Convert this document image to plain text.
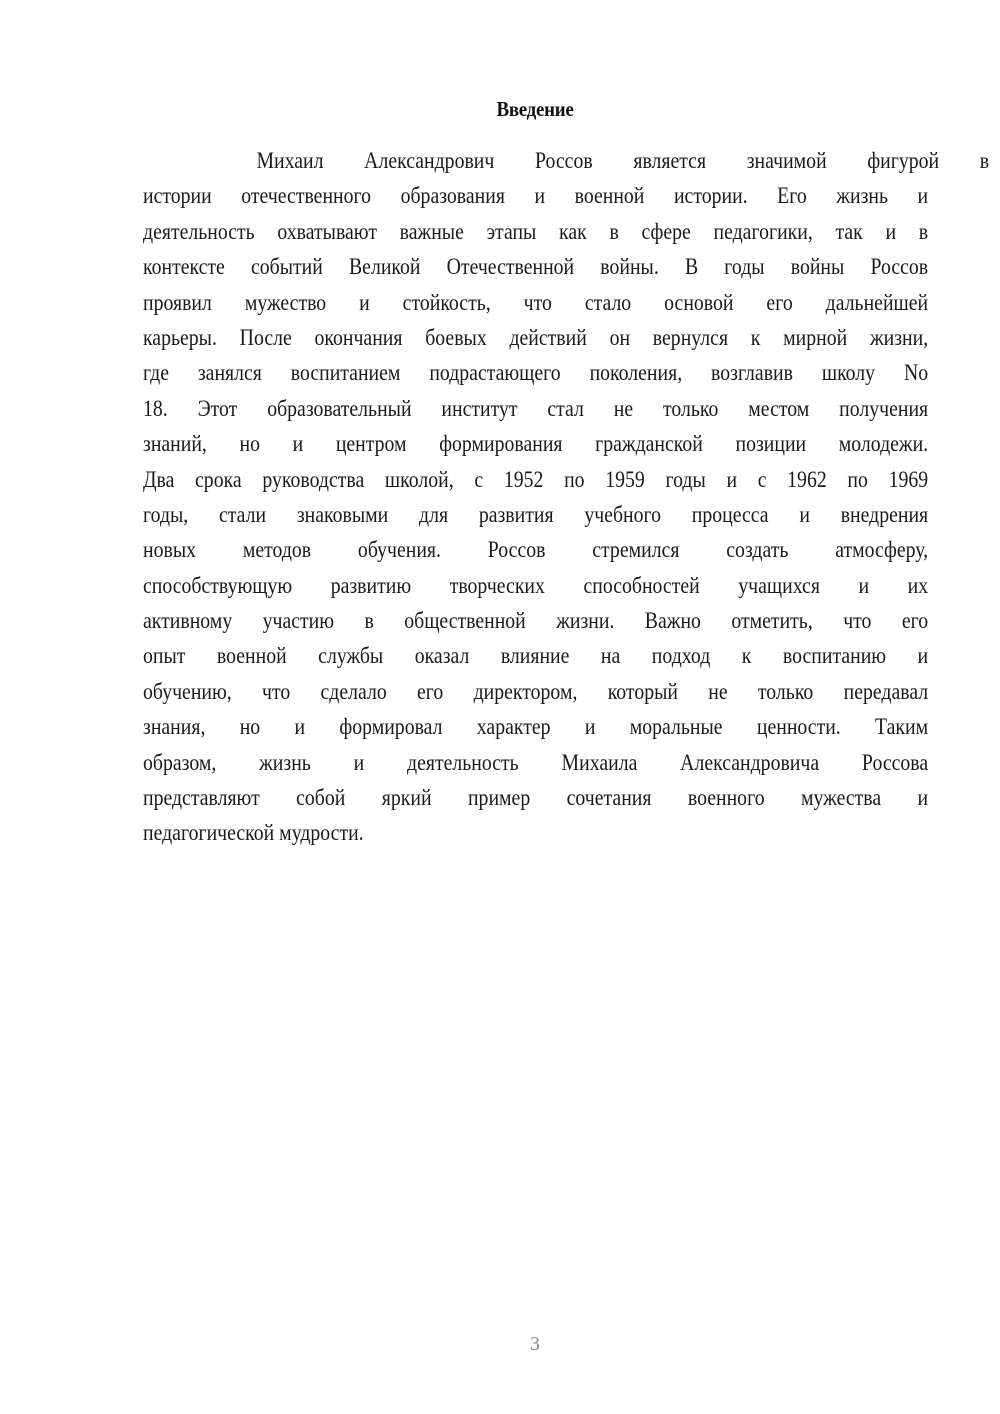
Введение
Михаил Александрович Россов является значимой фигурой в
истории отечественного образования и военной истории. Его жизнь и
деятельность охватывают важные этапы как в сфере педагогики, так и в
контексте событий Великой Отечественной войны. В годы войны Россов
проявил мужество и стойкость, что стало основой его дальнейшей
карьеры. После окончания боевых действий он вернулся к мирной жизни,
где занялся воспитанием подрастающего поколения, возглавив школу No
18. Этот образовательный институт стал не только местом получения
знаний, но и центром формирования гражданской позиции молодежи.
Два срока руководства школой, с 1952 по 1959 годы и с 1962 по 1969
годы, стали знаковыми для развития учебного процесса и внедрения
новых методов обучения. Россов стремился создать атмосферу,
способствующую развитию творческих способностей учащихся и их
активному участию в общественной жизни. Важно отметить, что его
опыт военной службы оказал влияние на подход к воспитанию и
обучению, что сделало его директором, который не только передавал
знания, но и формировал характер и моральные ценности. Таким
образом, жизнь и деятельность Михаила Александровича Россова
представляют собой яркий пример сочетания военного мужества и
педагогической мудрости.
3
